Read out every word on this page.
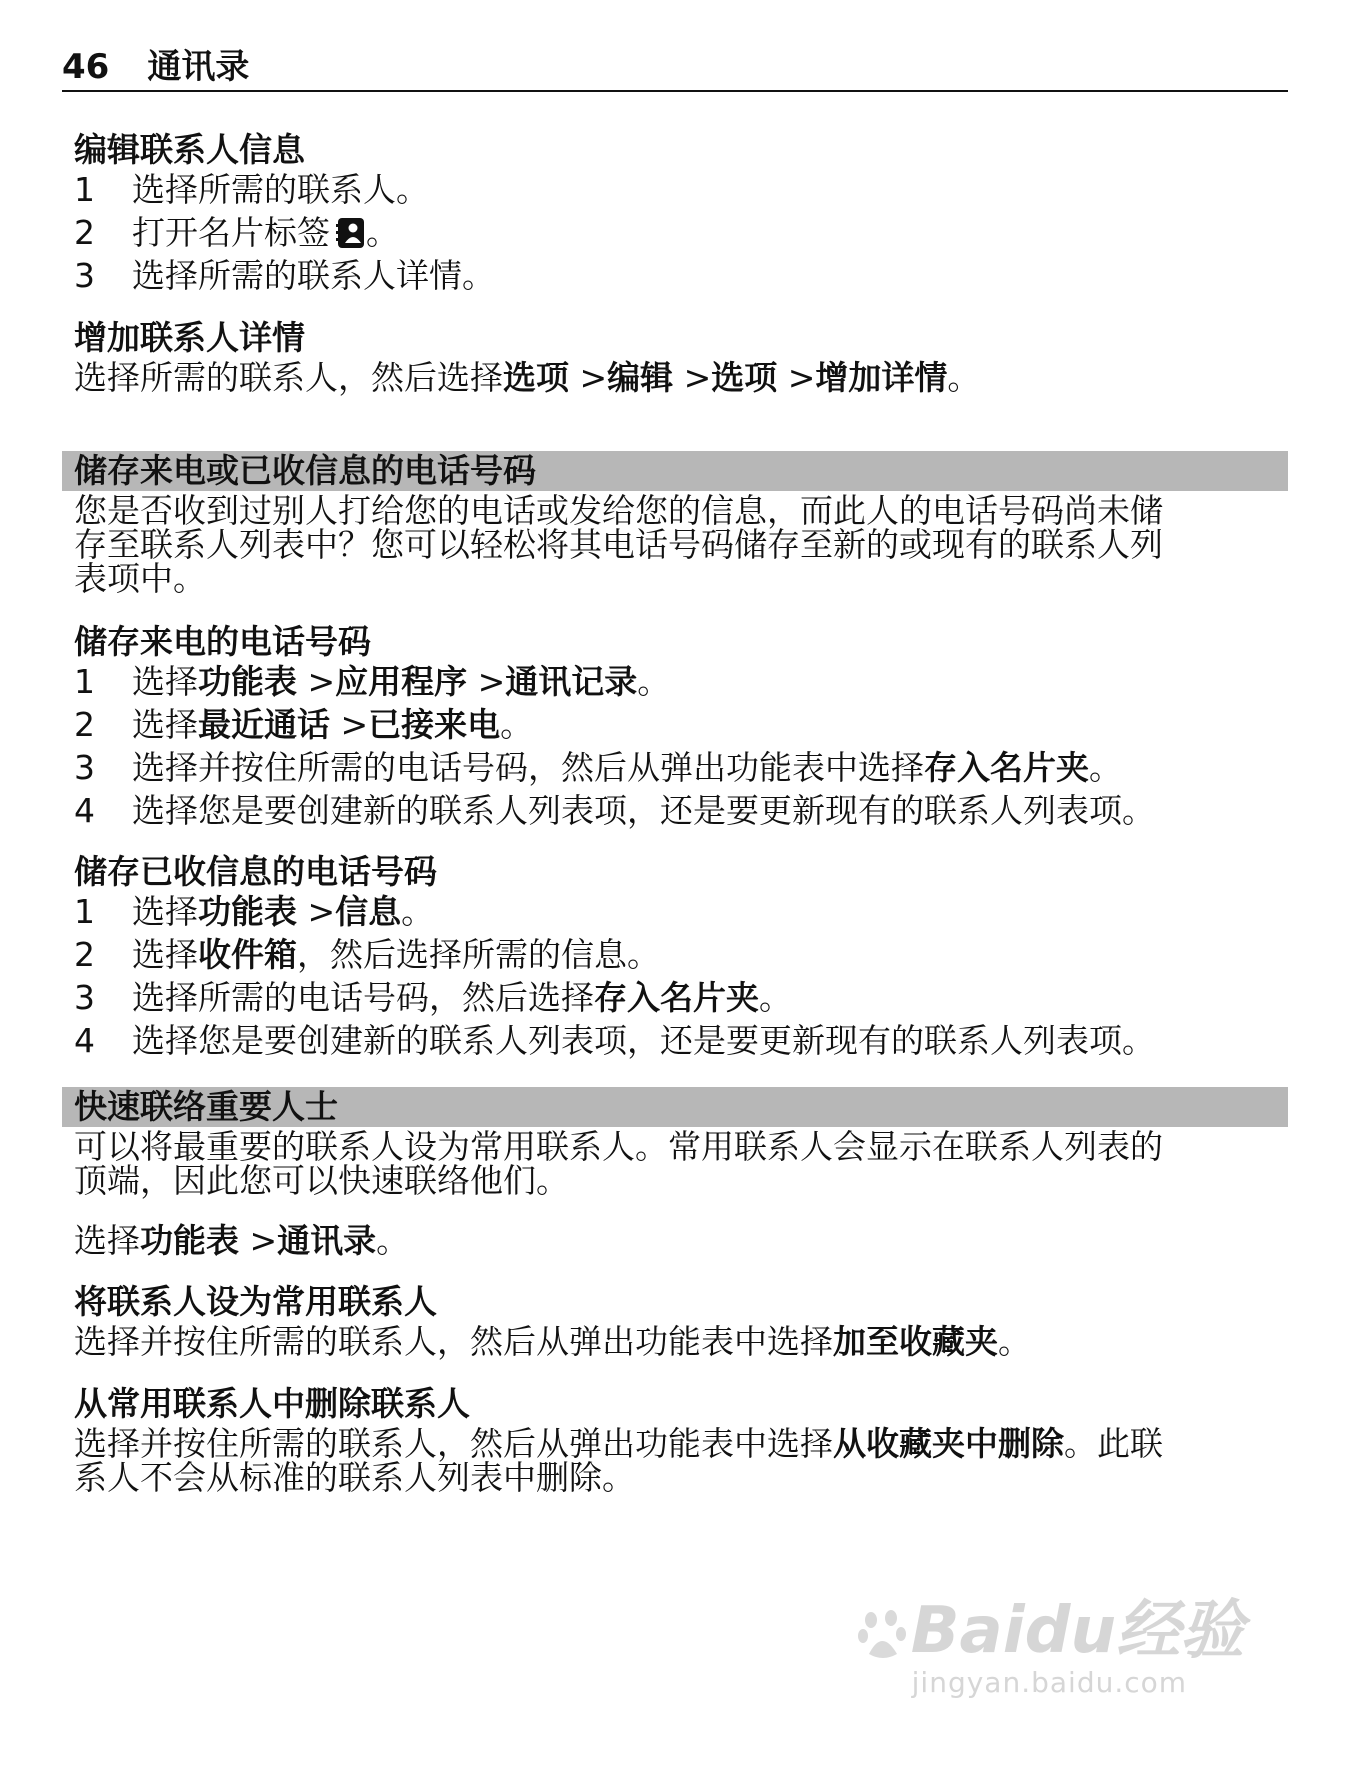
46 通讯录
编辑联系人信息
1 选择所需的联系人。
2 打开名片标签 。
3 选择所需的联系人详情。
增加联系人详情
选择所需的联系人，然后选择选项 >编辑 >选项 >增加详情。
储存来电或已收信息的电话号码
您是否收到过别人打给您的电话或发给您的信息，而此人的电话号码尚未储
存至联系人列表中？您可以轻松将其电话号码储存至新的或现有的联系人列
表项中。
储存来电的电话号码
1 选择功能表 >应用程序 >通讯记录。
2 选择最近通话 >已接来电。
3 选择并按住所需的电话号码，然后从弹出功能表中选择存入名片夹。
4 选择您是要创建新的联系人列表项，还是要更新现有的联系人列表项。
储存已收信息的电话号码
1 选择功能表 >信息。
2 选择收件箱，然后选择所需的信息。
3 选择所需的电话号码，然后选择存入名片夹。
4 选择您是要创建新的联系人列表项，还是要更新现有的联系人列表项。
快速联络重要人士
可以将最重要的联系人设为常用联系人。常用联系人会显示在联系人列表的
顶端，因此您可以快速联络他们。
选择功能表 >通讯录。
将联系人设为常用联系人
选择并按住所需的联系人，然后从弹出功能表中选择加至收藏夹。
从常用联系人中删除联系人
选择并按住所需的联系人，然后从弹出功能表中选择从收藏夹中删除。此联
系人不会从标准的联系人列表中删除。
Baidu经验
jingyan.baidu.com
